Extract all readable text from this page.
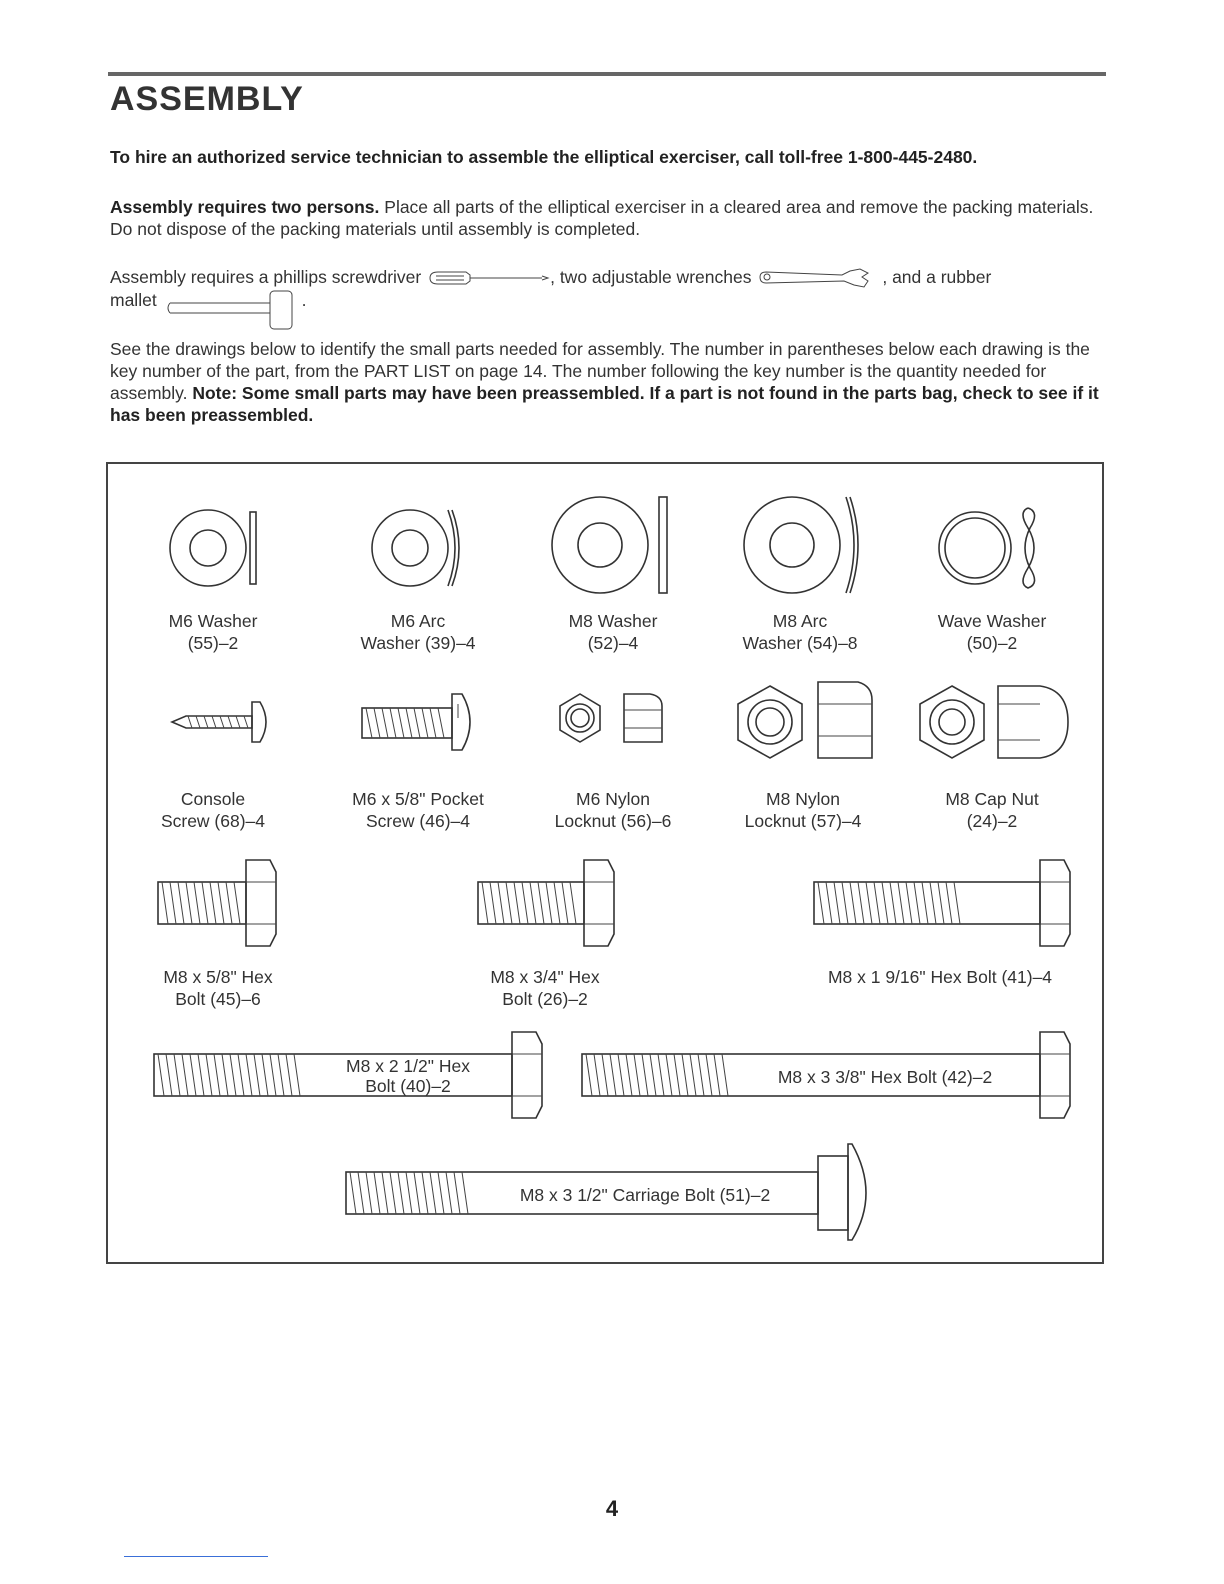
ASSEMBLY
To hire an authorized service technician to assemble the elliptical exerciser, call toll-free 1-800-445-2480.
Assembly requires two persons. Place all parts of the elliptical exerciser in a cleared area and remove the packing materials. Do not dispose of the packing materials until assembly is completed.
Assembly requires a phillips screwdriver	, two adjustable wrenches	, and a rubber
mallet	.
See the drawings below to identify the small parts needed for assembly. The number in parentheses below each drawing is the key number of the part, from the PART LIST on page 14. The number following the key number is the quantity needed for assembly. Note: Some small parts may have been preassembled. If a part is not found in the parts bag, check to see if it has been preassembled.
M6 Washer
(55)–2
M6 Arc
Washer (39)–4
M8 Washer
(52)–4
M8 Arc
Washer (54)–8
Wave Washer
(50)–2
Console
Screw (68)–4
M6 x 5/8" Pocket
Screw (46)–4
M6 Nylon
Locknut (56)–6
M8 Nylon
Locknut (57)–4
M8 Cap Nut
(24)–2
M8 x 5/8" Hex
Bolt (45)–6
M8 x 3/4" Hex
Bolt (26)–2
M8 x 1 9/16" Hex Bolt (41)–4
M8 x 2 1/2" Hex
Bolt (40)–2	M8 x 3 3/8" Hex Bolt (42)–2
M8 x 3 1/2" Carriage Bolt (51)–2
4
